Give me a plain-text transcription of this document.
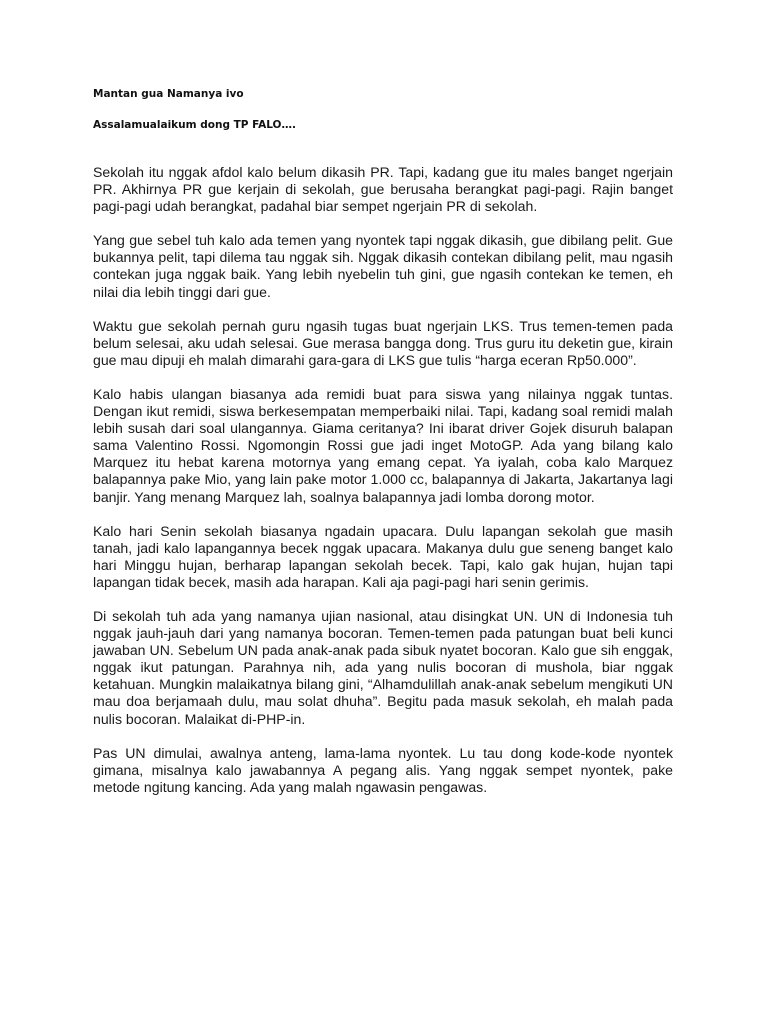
Mantan gua Namanya ivo
Assalamualaikum dong TP FALO….

Sekolah itu nggak afdol kalo belum dikasih PR. Tapi, kadang gue itu males banget ngerjain PR. Akhirnya PR gue kerjain di sekolah, gue berusaha berangkat pagi-pagi. Rajin banget pagi-pagi udah berangkat, padahal biar sempet ngerjain PR di sekolah.

Yang gue sebel tuh kalo ada temen yang nyontek tapi nggak dikasih, gue dibilang pelit. Gue bukannya pelit, tapi dilema tau nggak sih. Nggak dikasih contekan dibilang pelit, mau ngasih contekan juga nggak baik. Yang lebih nyebelin tuh gini, gue ngasih contekan ke temen, eh nilai dia lebih tinggi dari gue.

Waktu gue sekolah pernah guru ngasih tugas buat ngerjain LKS. Trus temen-temen pada belum selesai, aku udah selesai. Gue merasa bangga dong. Trus guru itu deketin gue, kirain gue mau dipuji eh malah dimarahi gara-gara di LKS gue tulis “harga eceran Rp50.000”.

Kalo habis ulangan biasanya ada remidi buat para siswa yang nilainya nggak tuntas. Dengan ikut remidi, siswa berkesempatan memperbaiki nilai. Tapi, kadang soal remidi malah lebih susah dari soal ulangannya. Giama ceritanya? Ini ibarat driver Gojek disuruh balapan sama Valentino Rossi. Ngomongin Rossi gue jadi inget MotoGP. Ada yang bilang kalo Marquez itu hebat karena motornya yang emang cepat. Ya iyalah, coba kalo Marquez balapannya pake Mio, yang lain pake motor 1.000 cc, balapannya di Jakarta, Jakartanya lagi banjir. Yang menang Marquez lah, soalnya balapannya jadi lomba dorong motor.

Kalo hari Senin sekolah biasanya ngadain upacara. Dulu lapangan sekolah gue masih tanah, jadi kalo lapangannya becek nggak upacara. Makanya dulu gue seneng banget kalo hari Minggu hujan, berharap lapangan sekolah becek. Tapi, kalo gak hujan, hujan tapi lapangan tidak becek, masih ada harapan. Kali aja pagi-pagi hari senin gerimis.

Di sekolah tuh ada yang namanya ujian nasional, atau disingkat UN. UN di Indonesia tuh nggak jauh-jauh dari yang namanya bocoran. Temen-temen pada patungan buat beli kunci jawaban UN. Sebelum UN pada anak-anak pada sibuk nyatet bocoran. Kalo gue sih enggak, nggak ikut patungan. Parahnya nih, ada yang nulis bocoran di mushola, biar nggak ketahuan. Mungkin malaikatnya bilang gini, “Alhamdulillah anak-anak sebelum mengikuti UN mau doa berjamaah dulu, mau solat dhuha”. Begitu pada masuk sekolah, eh malah pada nulis bocoran. Malaikat di-PHP-in.

Pas UN dimulai, awalnya anteng, lama-lama nyontek. Lu tau dong kode-kode nyontek gimana, misalnya kalo jawabannya A pegang alis. Yang nggak sempet nyontek, pake metode ngitung kancing. Ada yang malah ngawasin pengawas.
